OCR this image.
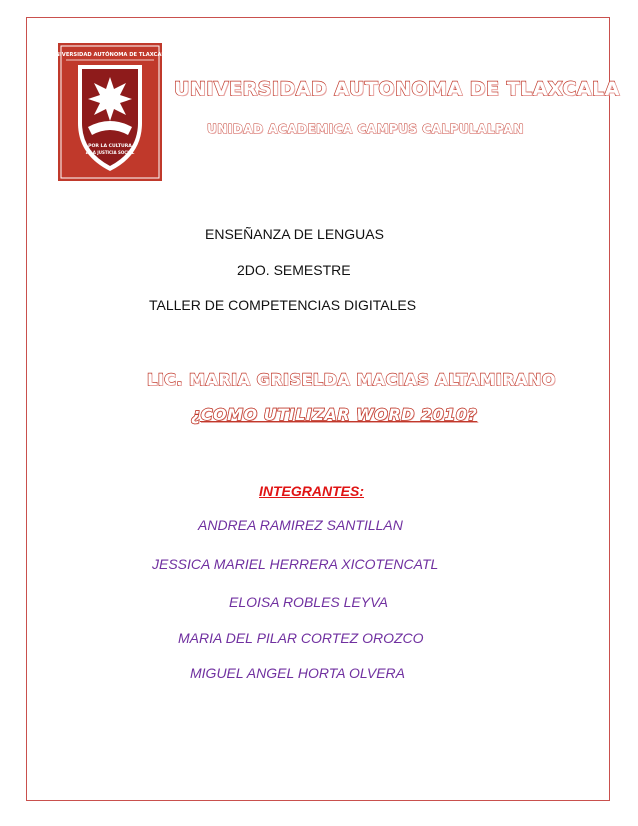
UNIVERSIDAD AUTÓNOMA DE TLAXCALA
POR LA CULTURA
A LA JUSTICIA SOCIAL
UNIVERSIDAD AUTONOMA DE TLAXCALA
UNIDAD ACADEMICA CAMPUS CALPULALPAN
ENSEÑANZA DE LENGUAS
2DO. SEMESTRE
TALLER DE COMPETENCIAS DIGITALES
LIC. MARIA GRISELDA MACIAS ALTAMIRANO
¿COMO UTILIZAR WORD 2010?
INTEGRANTES:
ANDREA RAMIREZ SANTILLAN
JESSICA MARIEL HERRERA XICOTENCATL
ELOISA ROBLES LEYVA
MARIA DEL PILAR CORTEZ OROZCO
MIGUEL ANGEL HORTA OLVERA
